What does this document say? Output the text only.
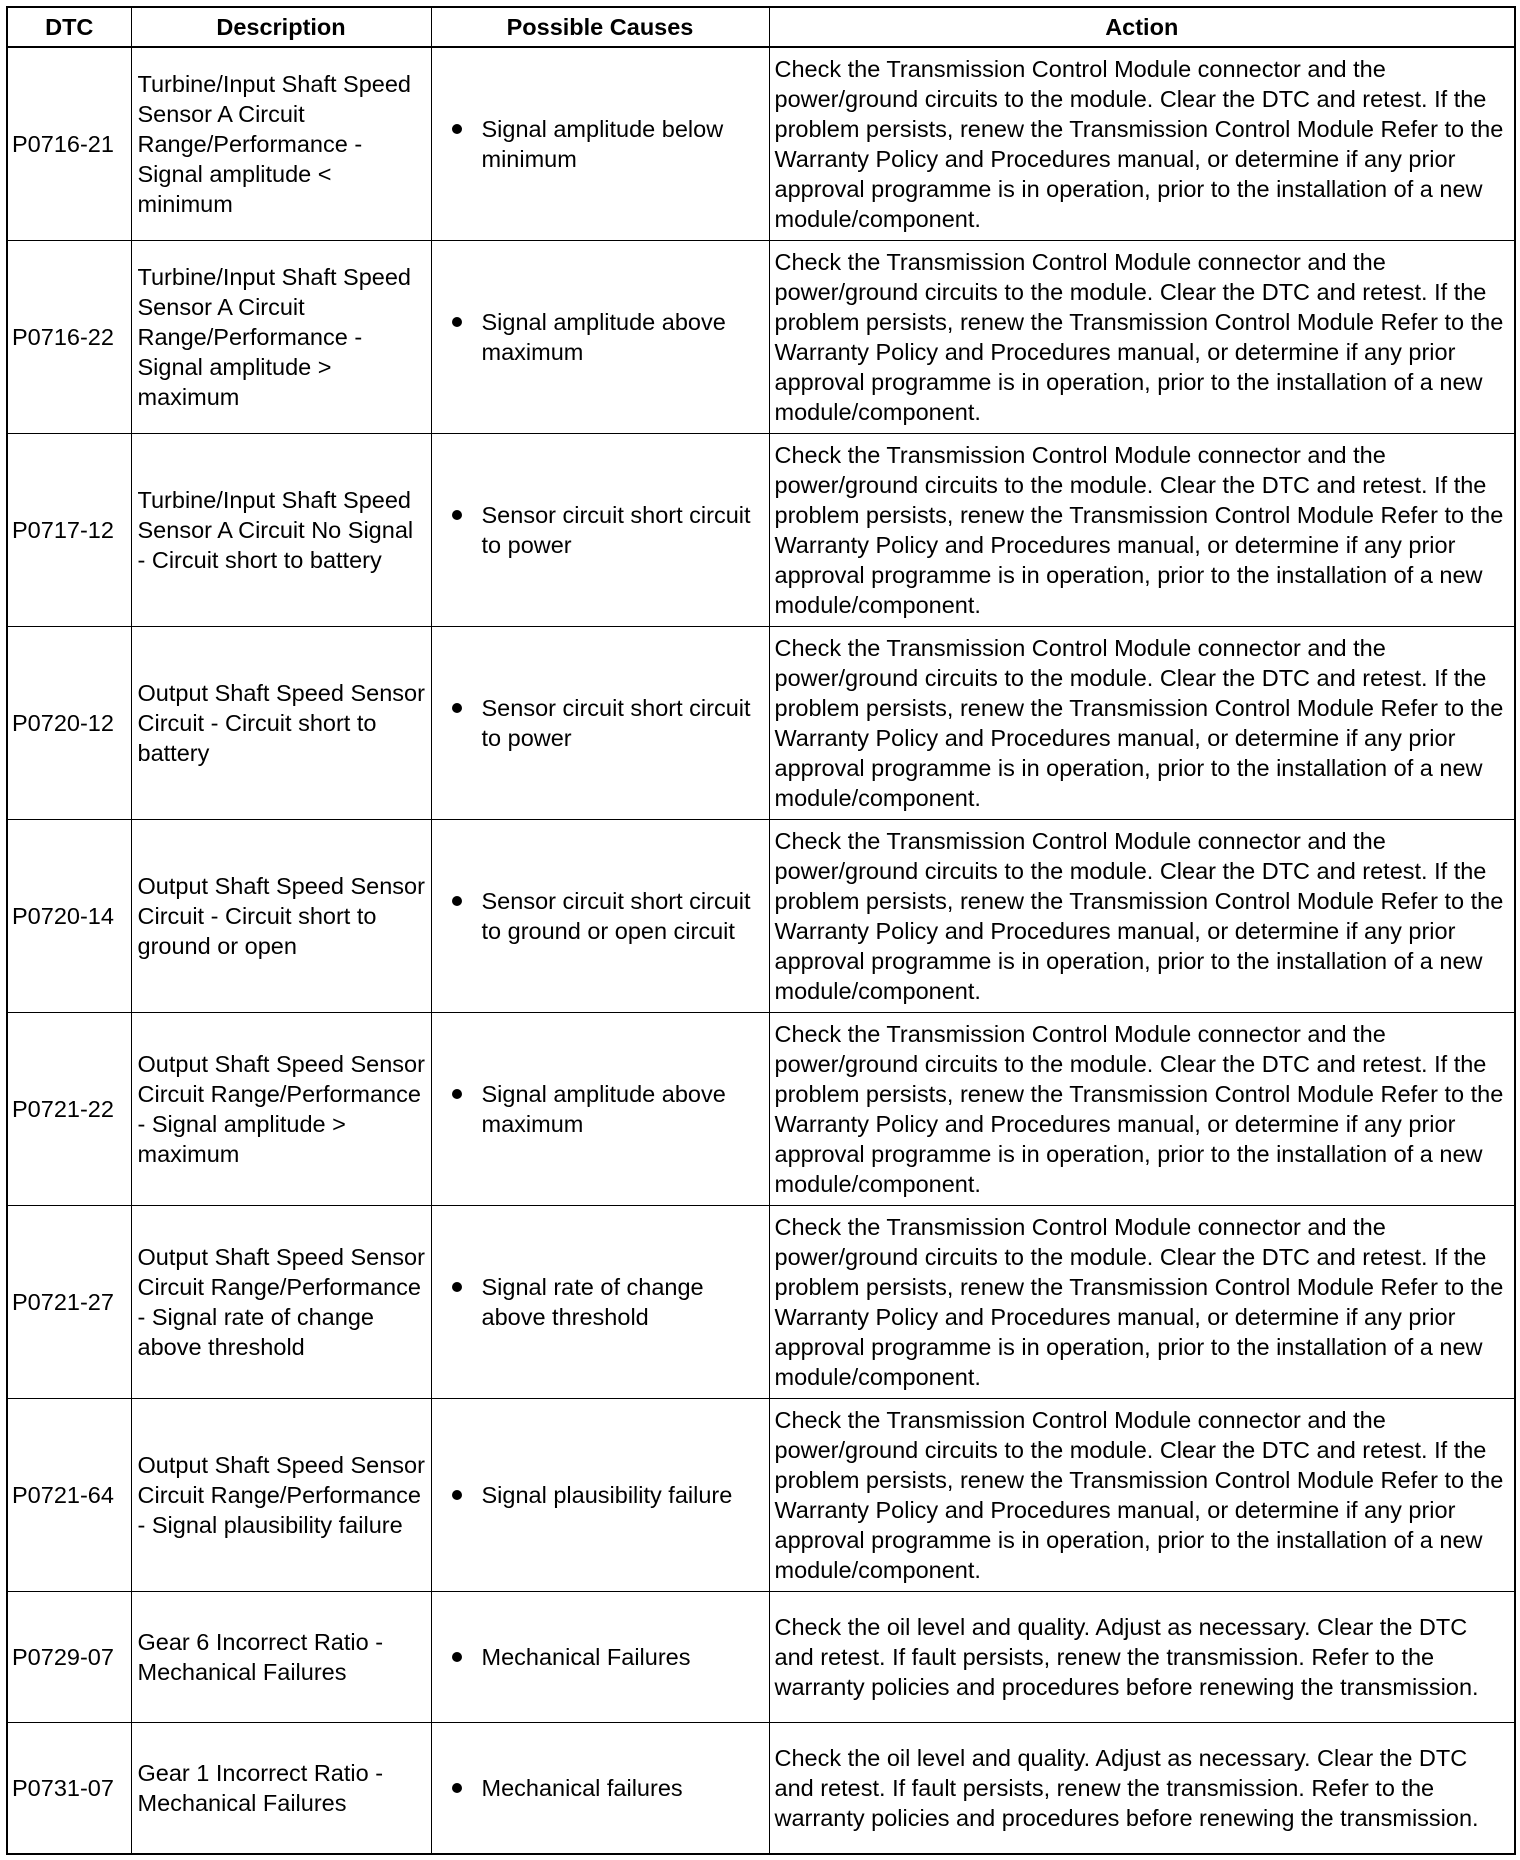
DTC	Description	Possible Causes	Action
P0716-21	Turbine/Input Shaft Speed Sensor A Circuit Range/Performance - Signal amplitude < minimum	Signal amplitude below minimum	Check the Transmission Control Module connector and the power/ground circuits to the module. Clear the DTC and retest. If the problem persists, renew the Transmission Control Module Refer to the Warranty Policy and Procedures manual, or determine if any prior approval programme is in operation, prior to the installation of a new module/component.
P0716-22	Turbine/Input Shaft Speed Sensor A Circuit Range/Performance - Signal amplitude > maximum	Signal amplitude above maximum	Check the Transmission Control Module connector and the power/ground circuits to the module. Clear the DTC and retest. If the problem persists, renew the Transmission Control Module Refer to the Warranty Policy and Procedures manual, or determine if any prior approval programme is in operation, prior to the installation of a new module/component.
P0717-12	Turbine/Input Shaft Speed Sensor A Circuit No Signal - Circuit short to battery	Sensor circuit short circuit to power	Check the Transmission Control Module connector and the power/ground circuits to the module. Clear the DTC and retest. If the problem persists, renew the Transmission Control Module Refer to the Warranty Policy and Procedures manual, or determine if any prior approval programme is in operation, prior to the installation of a new module/component.
P0720-12	Output Shaft Speed Sensor Circuit - Circuit short to battery	Sensor circuit short circuit to power	Check the Transmission Control Module connector and the power/ground circuits to the module. Clear the DTC and retest. If the problem persists, renew the Transmission Control Module Refer to the Warranty Policy and Procedures manual, or determine if any prior approval programme is in operation, prior to the installation of a new module/component.
P0720-14	Output Shaft Speed Sensor Circuit - Circuit short to ground or open	Sensor circuit short circuit to ground or open circuit	Check the Transmission Control Module connector and the power/ground circuits to the module. Clear the DTC and retest. If the problem persists, renew the Transmission Control Module Refer to the Warranty Policy and Procedures manual, or determine if any prior approval programme is in operation, prior to the installation of a new module/component.
P0721-22	Output Shaft Speed Sensor Circuit Range/Performance - Signal amplitude > maximum	Signal amplitude above maximum	Check the Transmission Control Module connector and the power/ground circuits to the module. Clear the DTC and retest. If the problem persists, renew the Transmission Control Module Refer to the Warranty Policy and Procedures manual, or determine if any prior approval programme is in operation, prior to the installation of a new module/component.
P0721-27	Output Shaft Speed Sensor Circuit Range/Performance - Signal rate of change above threshold	Signal rate of change above threshold	Check the Transmission Control Module connector and the power/ground circuits to the module. Clear the DTC and retest. If the problem persists, renew the Transmission Control Module Refer to the Warranty Policy and Procedures manual, or determine if any prior approval programme is in operation, prior to the installation of a new module/component.
P0721-64	Output Shaft Speed Sensor Circuit Range/Performance - Signal plausibility failure	Signal plausibility failure	Check the Transmission Control Module connector and the power/ground circuits to the module. Clear the DTC and retest. If the problem persists, renew the Transmission Control Module Refer to the Warranty Policy and Procedures manual, or determine if any prior approval programme is in operation, prior to the installation of a new module/component.
P0729-07	Gear 6 Incorrect Ratio - Mechanical Failures	Mechanical Failures	Check the oil level and quality. Adjust as necessary. Clear the DTC and retest. If fault persists, renew the transmission. Refer to the warranty policies and procedures before renewing the transmission.
P0731-07	Gear 1 Incorrect Ratio - Mechanical Failures	Mechanical failures	Check the oil level and quality. Adjust as necessary. Clear the DTC and retest. If fault persists, renew the transmission. Refer to the warranty policies and procedures before renewing the transmission.
